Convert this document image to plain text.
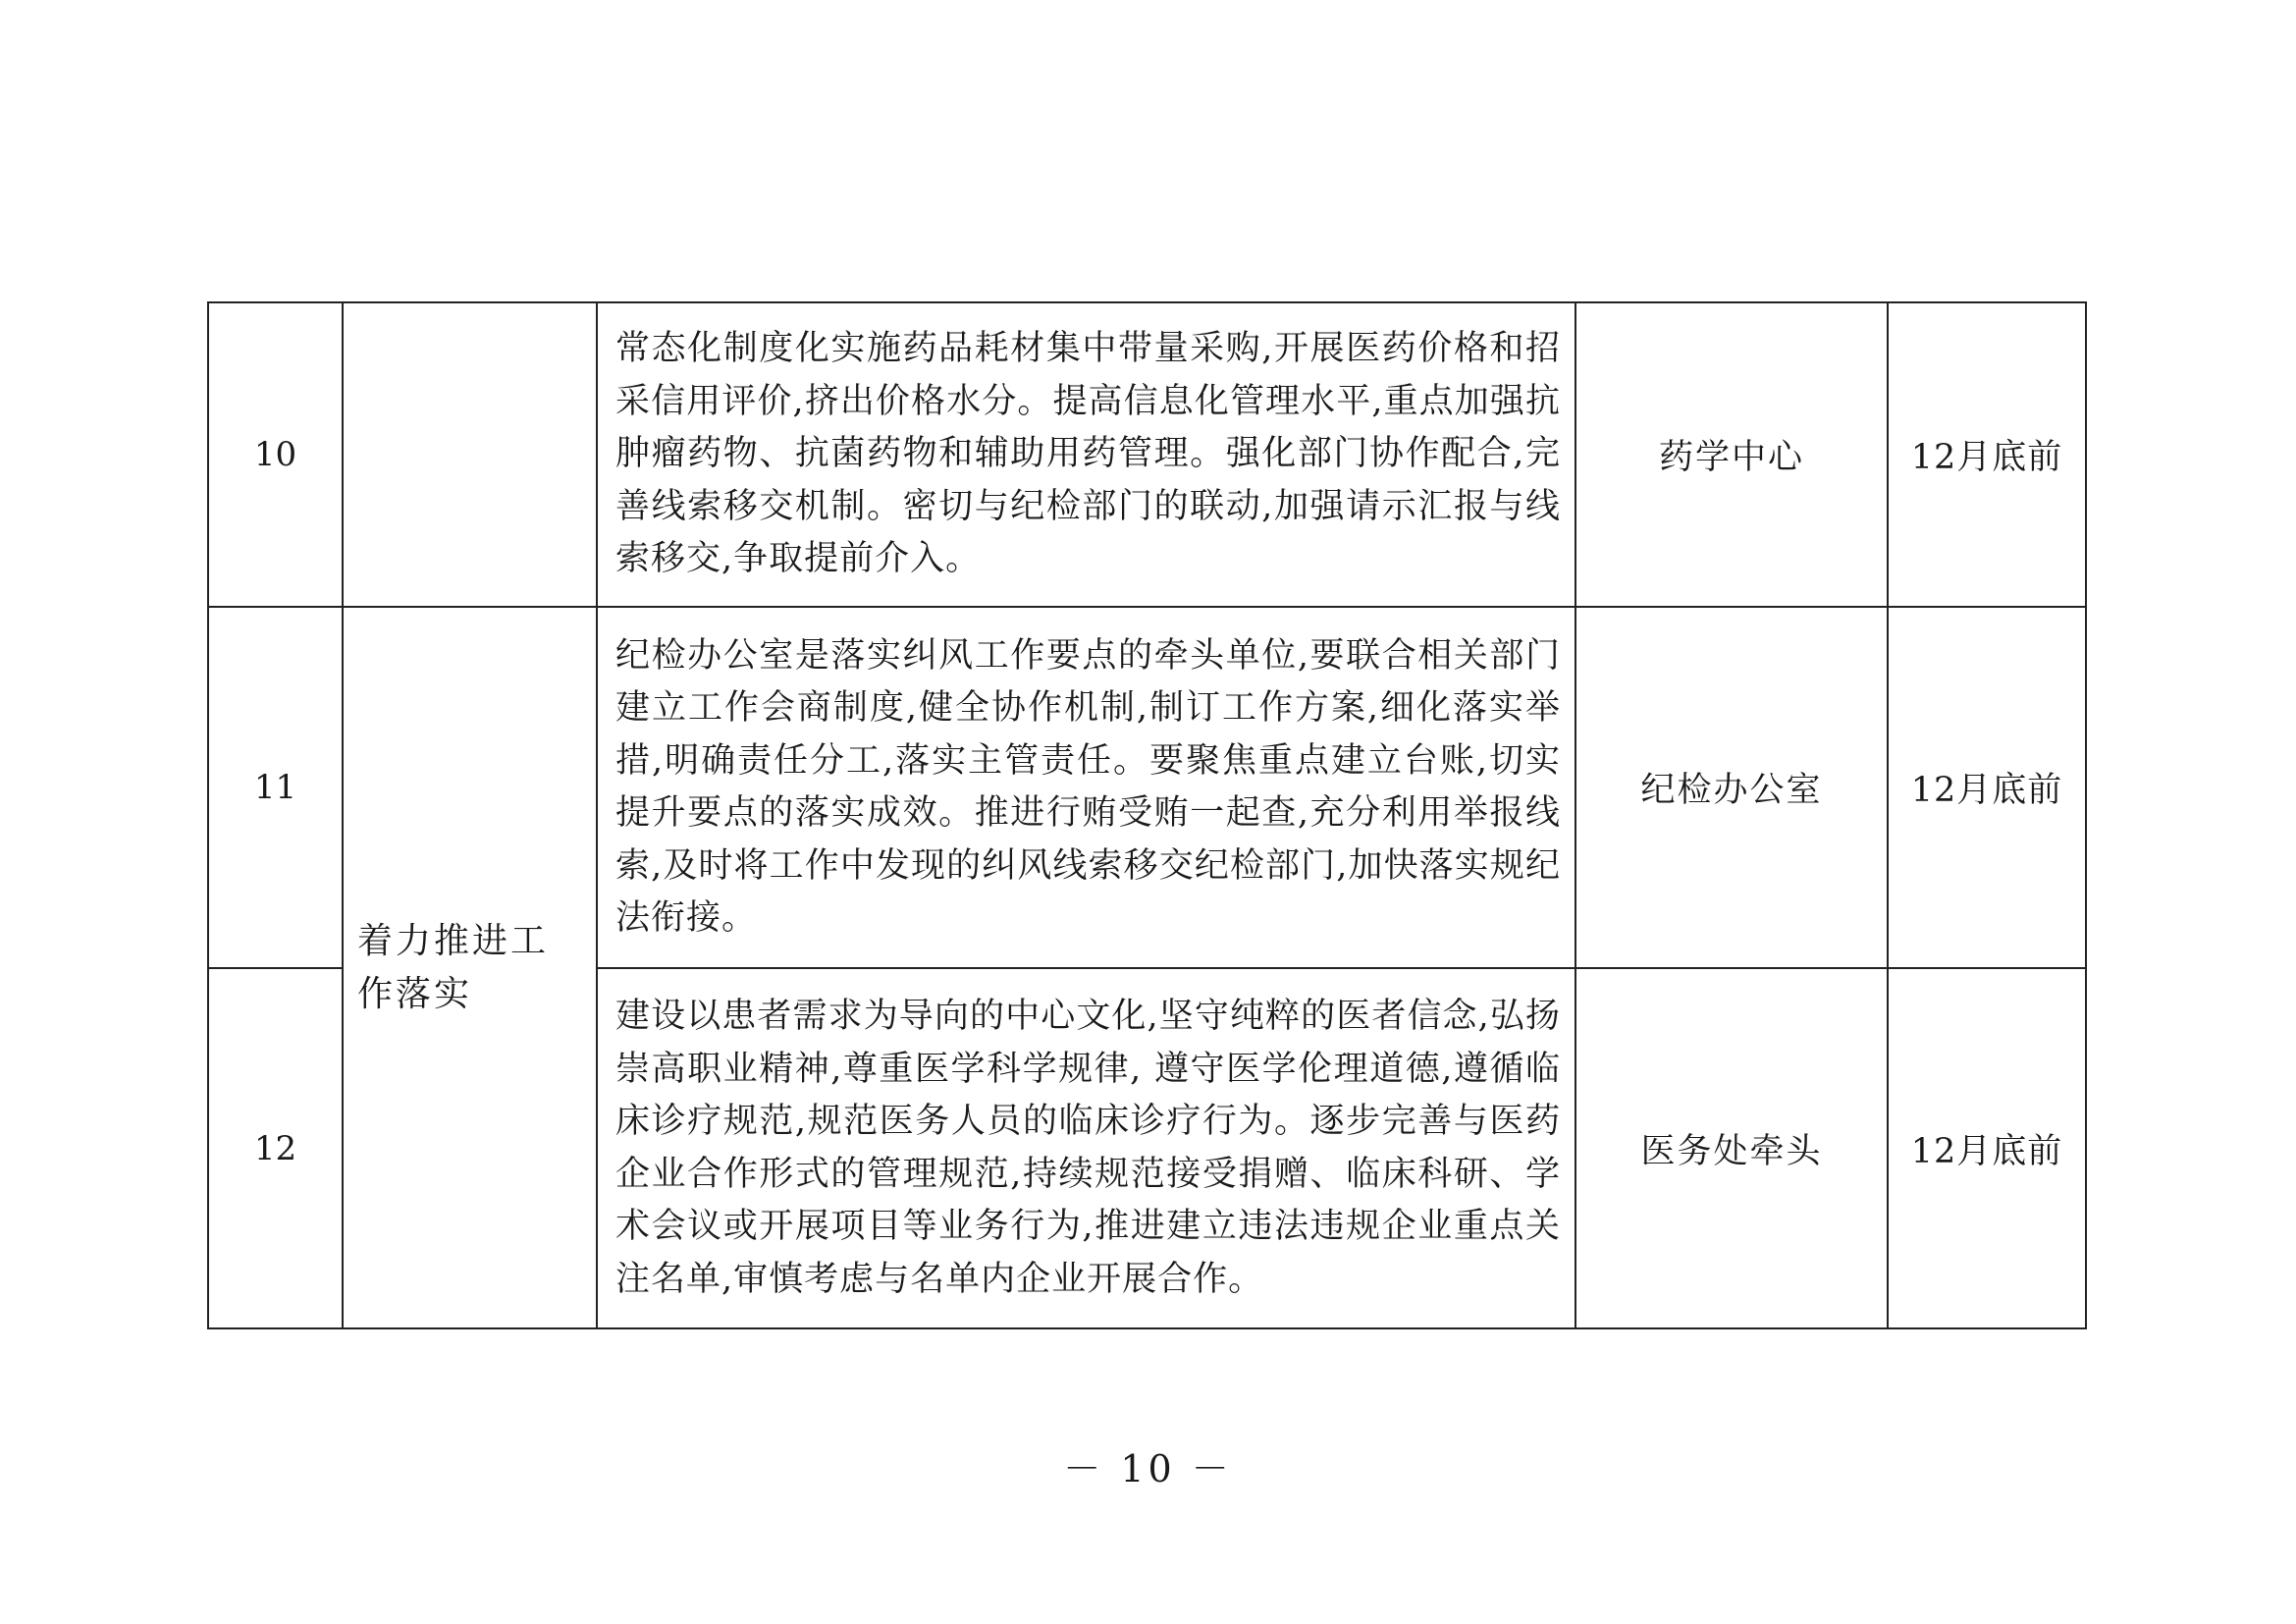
10		常态化制度化实施药品耗材集中带量采购,开展医药价格和招采信用评价,挤出价格水分。提高信息化管理水平,重点加强抗肿瘤药物、抗菌药物和辅助用药管理。强化部门协作配合,完善线索移交机制。密切与纪检部门的联动,加强请示汇报与线索移交,争取提前介入。	药学中心	12月底前
11	着力推进工作落实	纪检办公室是落实纠风工作要点的牵头单位,要联合相关部门建立工作会商制度,健全协作机制,制订工作方案,细化落实举措,明确责任分工,落实主管责任。要聚焦重点建立台账,切实提升要点的落实成效。推进行贿受贿一起查,充分利用举报线索,及时将工作中发现的纠风线索移交纪检部门,加快落实规纪法衔接。	纪检办公室	12月底前
12		建设以患者需求为导向的中心文化,坚守纯粹的医者信念,弘扬崇高职业精神,尊重医学科学规律, 遵守医学伦理道德,遵循临床诊疗规范,规范医务人员的临床诊疗行为。逐步完善与医药企业合作形式的管理规范,持续规范接受捐赠、临床科研、学术会议或开展项目等业务行为,推进建立违法违规企业重点关注名单,审慎考虑与名单内企业开展合作。	医务处牵头	12月底前
－ 10 －
